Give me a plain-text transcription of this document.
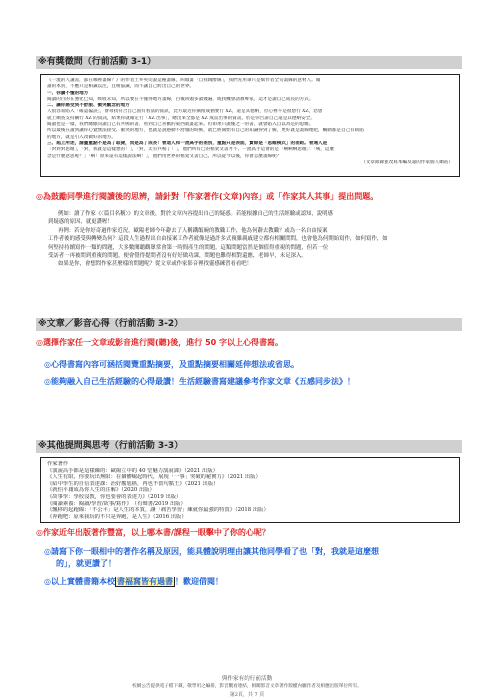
※有獎徵問（行前活動 3-1）

《一流的人講書，都在哪裡畫線？》的作者土井英司說這種畫線，叫做畫「自我陶醉線」，我們先用筆只是幫作者全句畫線的意材人。閱

讀的本質，不應只是相識以注，且相協識，而不讓自己跨出自己的世界。

一、你讀不懂的地方

閱讀的目的在強化已知，吸收未知，所以要在不懂得地方畫線，目後回頭多讀幾遍，或找機會請教專家，這才是讀自己成長的方式。

二、讓你感受到不舒服、衝突觀念的地方

人很容易陷入「確認偏誤」，會尋找符合自己固有看法的資訊，比方最近你摘推成猶要行 XZ，還是其德納，但心裡不是很想行 XZ，您想

就上網查支持購行 XZ 的資訊，結果你就確定行「XZ 出事」，總出來全都是 XZ 成當出事的資訊，於是你告訴自己還是其德納安全。

閱讀也是一樣，我們總傾向讀自己有共鳴的書，看到自己喜歡的東西就畫起來。但如果只讀懂之一的書，就會陷入自以為是的思維。

所以最後在讀到讓你心覺無法接受、衝突的地方，也就是說感動不舒服的時候，就已經開始有自己的知識得到了解，更好就是畫線地吧，觸動都是自己有缺陷

的地方，就是引入改做好的地方。

三、超上所述，請畫重點不是為了取捷，而是為了成長！曾這人和一流高手的差別，重點只是表面，實際是「思維模式」的差距。普通人是

「對對對思維」，「對，我就是這樣想的！」，「對，太有共鳴了！」，他們所有已的框架文書才不，一流高手這會的是「啊啊啊思維」：「咦，這麼

念是什麼意思呢？」「啊！原來還有這樣說法啊！」，他們用世界的框架文書自己，所以從今以後，你會怎麼畫線呢？

（文章節錄並改寫本編及遠的作家個人網站）

◎為鼓勵同學進行閱讀後的思辨，請針對「作家著作(文章)內容」或「作家其人其事」提出問題。

例如：讀了作家《〈篇目名稱〉》的文章後，對於文章內容提出自己的疑惑。若能根據自己的生活經驗或認知，說明感

到疑惑的原因，就更讚喔！

再例：若是你好奇過作家近況，歐陽老師今年辭去了人稱鐵飯碗的教職工作，他為何辭去教職？或為一名自由接案

工作者後的感受與轉變為何？這段人生過程出自由接案工作者就像是過許多式複雜親戚建立都有相關問問，也會他為何開始寫作，如何寫作，如

何堅持持續寫作一類的問題，大多數閱聽觀眾常會第一時間產生的問題，這類問題當然是個值得重視的問題，但若一位

受訪者一再被問到重複的問題，便會覺得提問者沒有好好做功課，問題也難得相對還應，老師早，未足深入。

如果是你，會想問作家甚麼樣的問題呢？從文章或作家影音裡找靈感練習看看吧！

※文章／影音心得（行前活動 3-2）
◎選擇作家任一文章或影音進行閱(聽)後，進行 50 字以上心得書寫。
◎心得書寫內容可涵括閱覽重點摘要，及重點摘要相關延伸想法或省思。
◎能夠融入自己生活經驗的心得最讚！生活經驗書寫建議參考作家文章《五感同步法》！
※其他提問與思考（行前活動 3-3）

作家著作

《演說高手都是這樣練的：歐陽立中的 40 堂魅力演說課》（2021 出版）

《人生有限，你要玩出無限：在個體崛起時代，展現「一事」突破的秘實力》（2021 出版）

《給中學生的自信表達課：治好尷尬癌，再也不當句點王》（2021 出版）

《就怕平庸成為你人生的注解》（2020 出版）

《故事學：學校沒教，你也要會的表達力》（2019 出版）

《閱讀素養：閱讀/學習/故事/寫作》　（有聲書/2019 出版）

《飄移的起跑線：「不公平」是人生的本質，讓「痛苦學習」練就你最強的特質》（2018 出版）

《奔跑吧：原來我玩的不只是奔跑，是人生》（2016 出版）

◎作家近年出版著作豐富，以上哪本書/課程一眼擊中了你的心呢？
◎請寫下你一眼相中的著作名稱及原因，能具體說明理由讓其他同學看了也「對，我就是這麼想
的」，就更讚了！
◎以上實體書籍本校 書福窩皆有過書 ！歡迎借閱！
與作家有約行前活動
校網公告提供電子檔下載，敬學用之編排，影音觀看連結，相關影音文章著作版權內屬作者及相應出版單位所有。
第2頁，共 7 頁
